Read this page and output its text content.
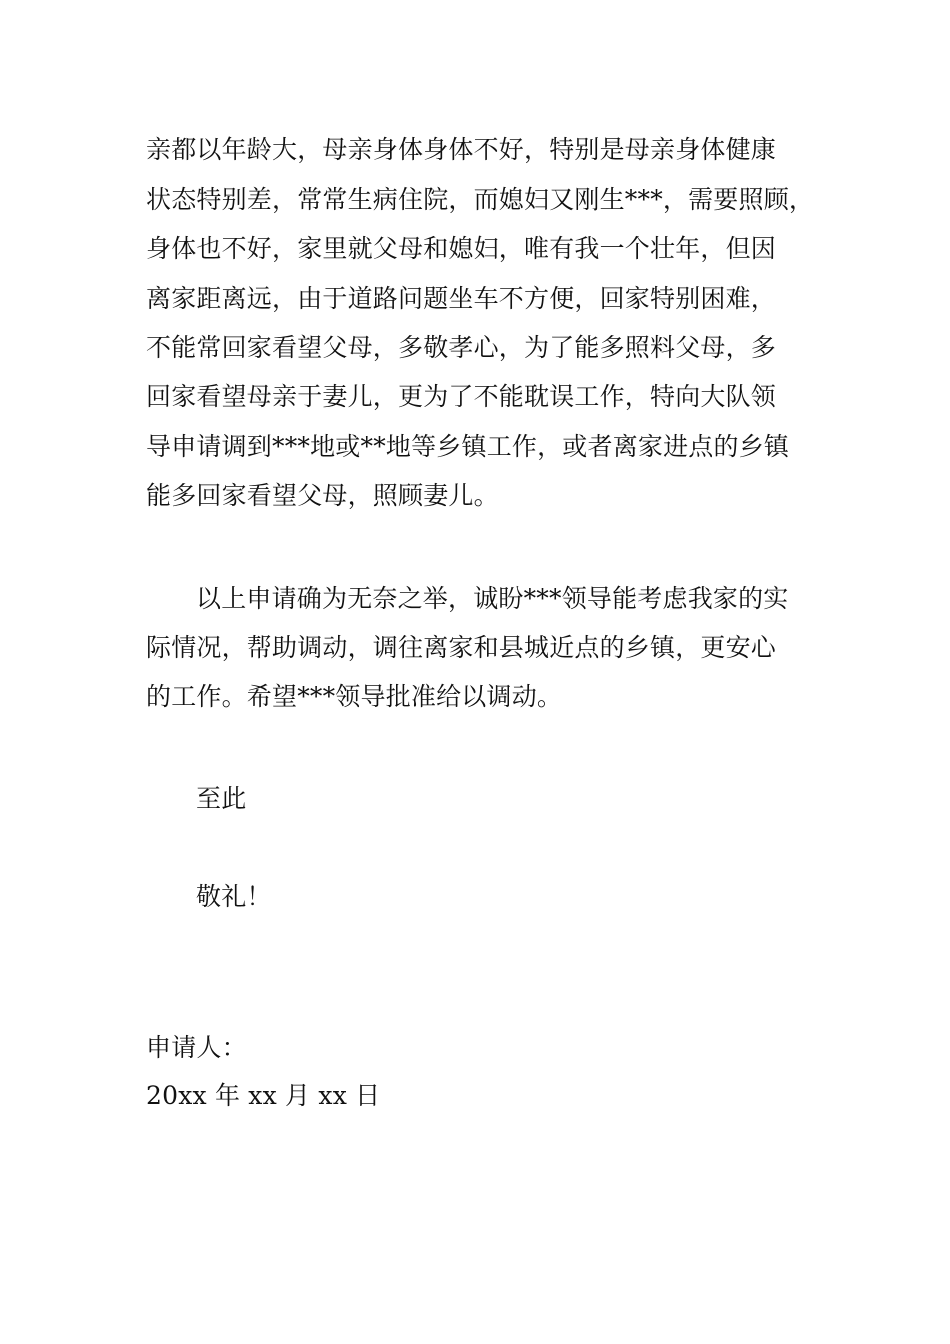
亲都以年龄大，母亲身体身体不好，特别是母亲身体健康
状态特别差，常常生病住院，而媳妇又刚生***，需要照顾，
身体也不好，家里就父母和媳妇，唯有我一个壮年，但因
离家距离远，由于道路问题坐车不方便，回家特别困难，
不能常回家看望父母，多敬孝心，为了能多照料父母，多
回家看望母亲于妻儿，更为了不能耽误工作，特向大队领
导申请调到***地或**地等乡镇工作，或者离家进点的乡镇
能多回家看望父母，照顾妻儿。
以上申请确为无奈之举，诚盼***领导能考虑我家的实
际情况，帮助调动，调往离家和县城近点的乡镇，更安心
的工作。希望***领导批准给以调动。
至此
敬礼！
申请人：
20xx 年 xx 月 xx 日
